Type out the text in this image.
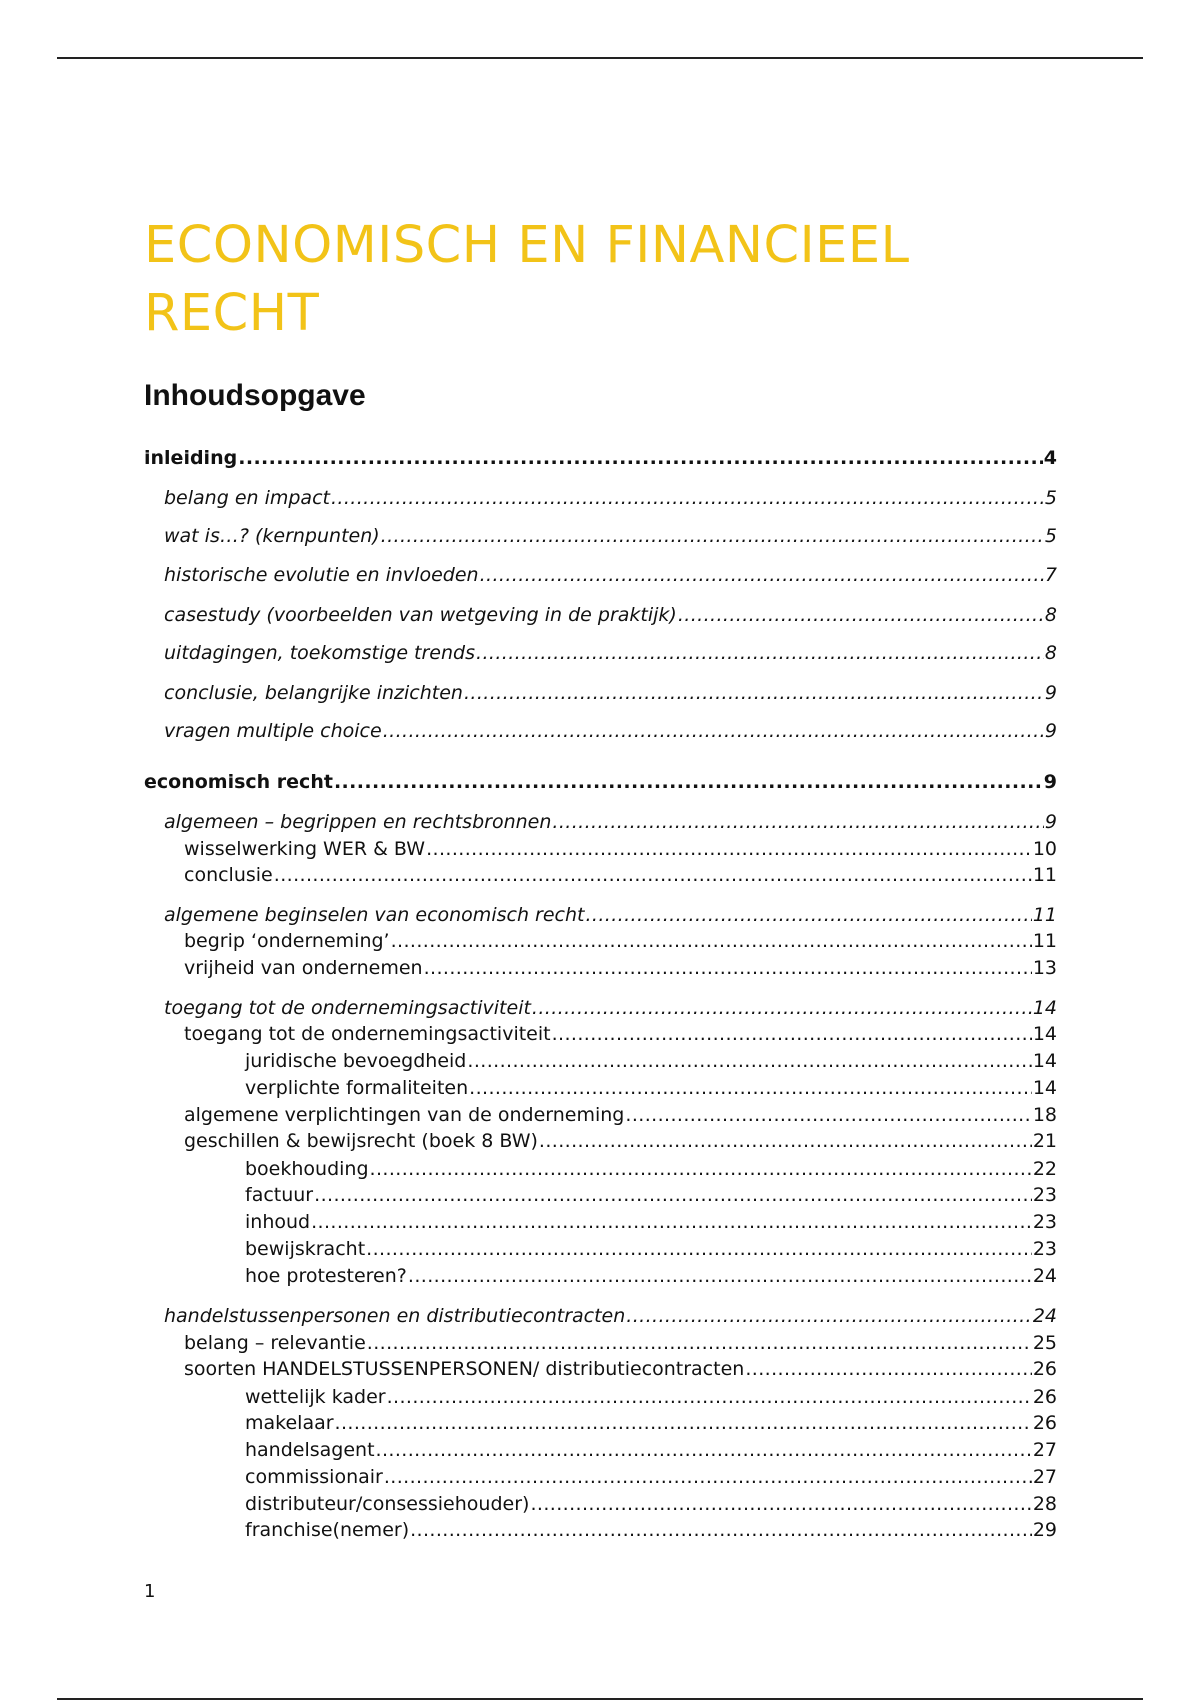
ECONOMISCH EN FINANCIEEL RECHT
Inhoudsopgave
inleiding .....	4
belang en impact .....	5
wat is…? (kernpunten) .....	5
historische evolutie en invloeden .....	7
casestudy (voorbeelden van wetgeving in de praktijk) .....	8
uitdagingen, toekomstige trends .....	8
conclusie, belangrijke inzichten .....	9
vragen multiple choice .....	9
economisch recht .....	9
algemeen – begrippen en rechtsbronnen .....	9
wisselwerking WER & BW .....	10
conclusie .....	11
algemene beginselen van economisch recht .....	11
begrip ‘onderneming’ .....	11
vrijheid van ondernemen .....	13
toegang tot de ondernemingsactiviteit .....	14
toegang tot de ondernemingsactiviteit .....	14
juridische bevoegdheid .....	14
verplichte formaliteiten .....	14
algemene verplichtingen van de onderneming .....	18
geschillen & bewijsrecht (boek 8 BW) .....	21
boekhouding .....	22
factuur .....	23
inhoud .....	23
bewijskracht .....	23
hoe protesteren? .....	24
handelstussenpersonen en distributiecontracten .....	24
belang – relevantie .....	25
soorten HANDELSTUSSENPERSONEN/ distributiecontracten .....	26
wettelijk kader .....	26
makelaar .....	26
handelsagent .....	27
commissionair .....	27
distributeur/consessiehouder) .....	28
franchise(nemer) .....	29
1
